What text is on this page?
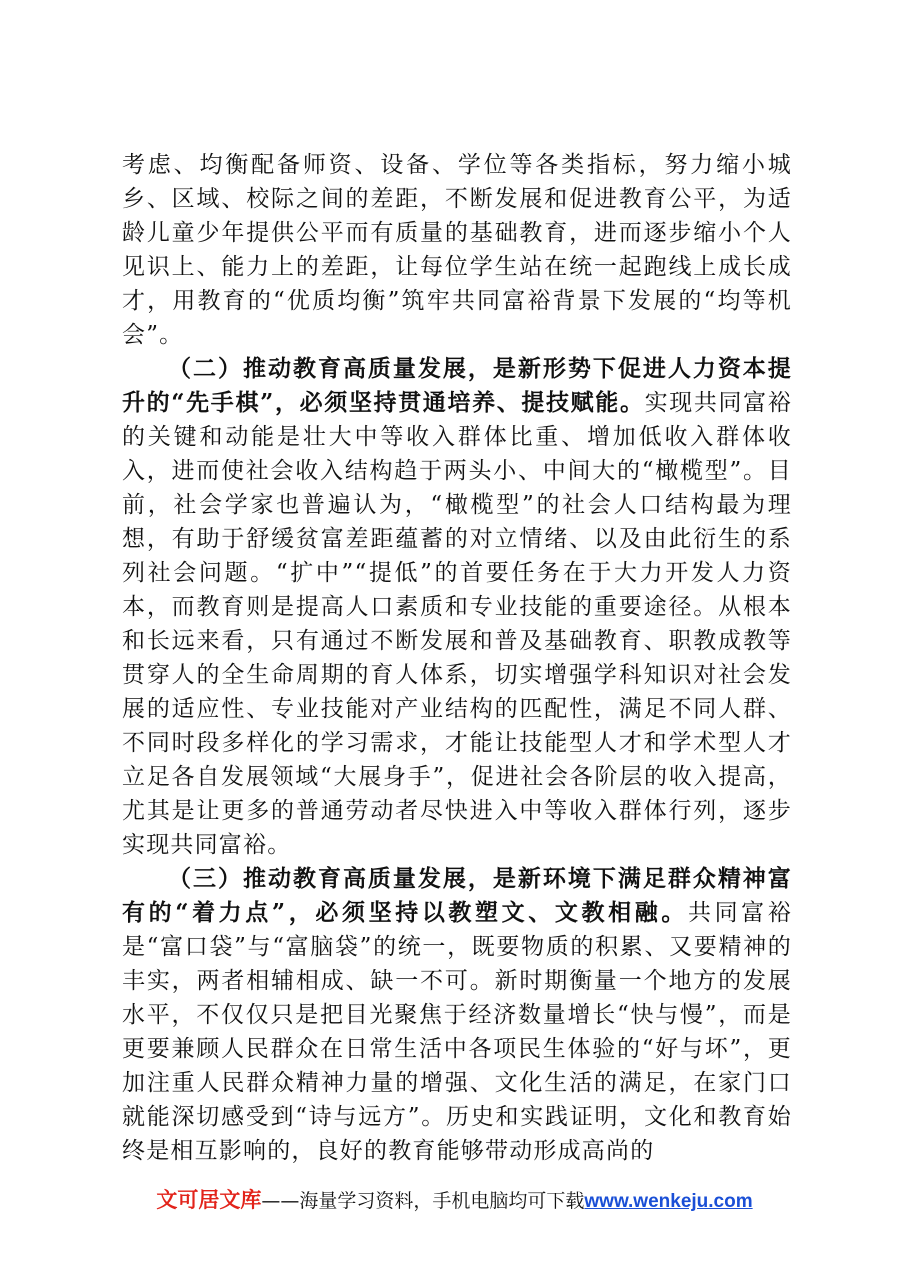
考虑、均衡配备师资、设备、学位等各类指标，努力缩小城乡、区域、校际之间的差距，不断发展和促进教育公平，为适龄儿童少年提供公平而有质量的基础教育，进而逐步缩小个人见识上、能力上的差距，让每位学生站在统一起跑线上成长成才，用教育的“优质均衡”筑牢共同富裕背景下发展的“均等机会”。

（二）推动教育高质量发展，是新形势下促进人力资本提升的“先手棋”，必须坚持贯通培养、提技赋能。实现共同富裕的关键和动能是壮大中等收入群体比重、增加低收入群体收入，进而使社会收入结构趋于两头小、中间大的“橄榄型”。目前，社会学家也普遍认为，“橄榄型”的社会人口结构最为理想，有助于舒缓贫富差距蕴蓄的对立情绪、以及由此衍生的系列社会问题。“扩中”“提低”的首要任务在于大力开发人力资本，而教育则是提高人口素质和专业技能的重要途径。从根本和长远来看，只有通过不断发展和普及基础教育、职教成教等贯穿人的全生命周期的育人体系，切实增强学科知识对社会发展的适应性、专业技能对产业结构的匹配性，满足不同人群、不同时段多样化的学习需求，才能让技能型人才和学术型人才立足各自发展领域“大展身手”，促进社会各阶层的收入提高，尤其是让更多的普通劳动者尽快进入中等收入群体行列，逐步实现共同富裕。

（三）推动教育高质量发展，是新环境下满足群众精神富有的“着力点”，必须坚持以教塑文、文教相融。共同富裕是“富口袋”与“富脑袋”的统一，既要物质的积累、又要精神的丰实，两者相辅相成、缺一不可。新时期衡量一个地方的发展水平，不仅仅只是把目光聚焦于经济数量增长“快与慢”，而是更要兼顾人民群众在日常生活中各项民生体验的“好与坏”，更加注重人民群众精神力量的增强、文化生活的满足，在家门口就能深切感受到“诗与远方”。历史和实践证明，文化和教育始终是相互影响的，良好的教育能够带动形成高尚的

文可居文库——海量学习资料，手机电脑均可下载www.wenkeju.com
